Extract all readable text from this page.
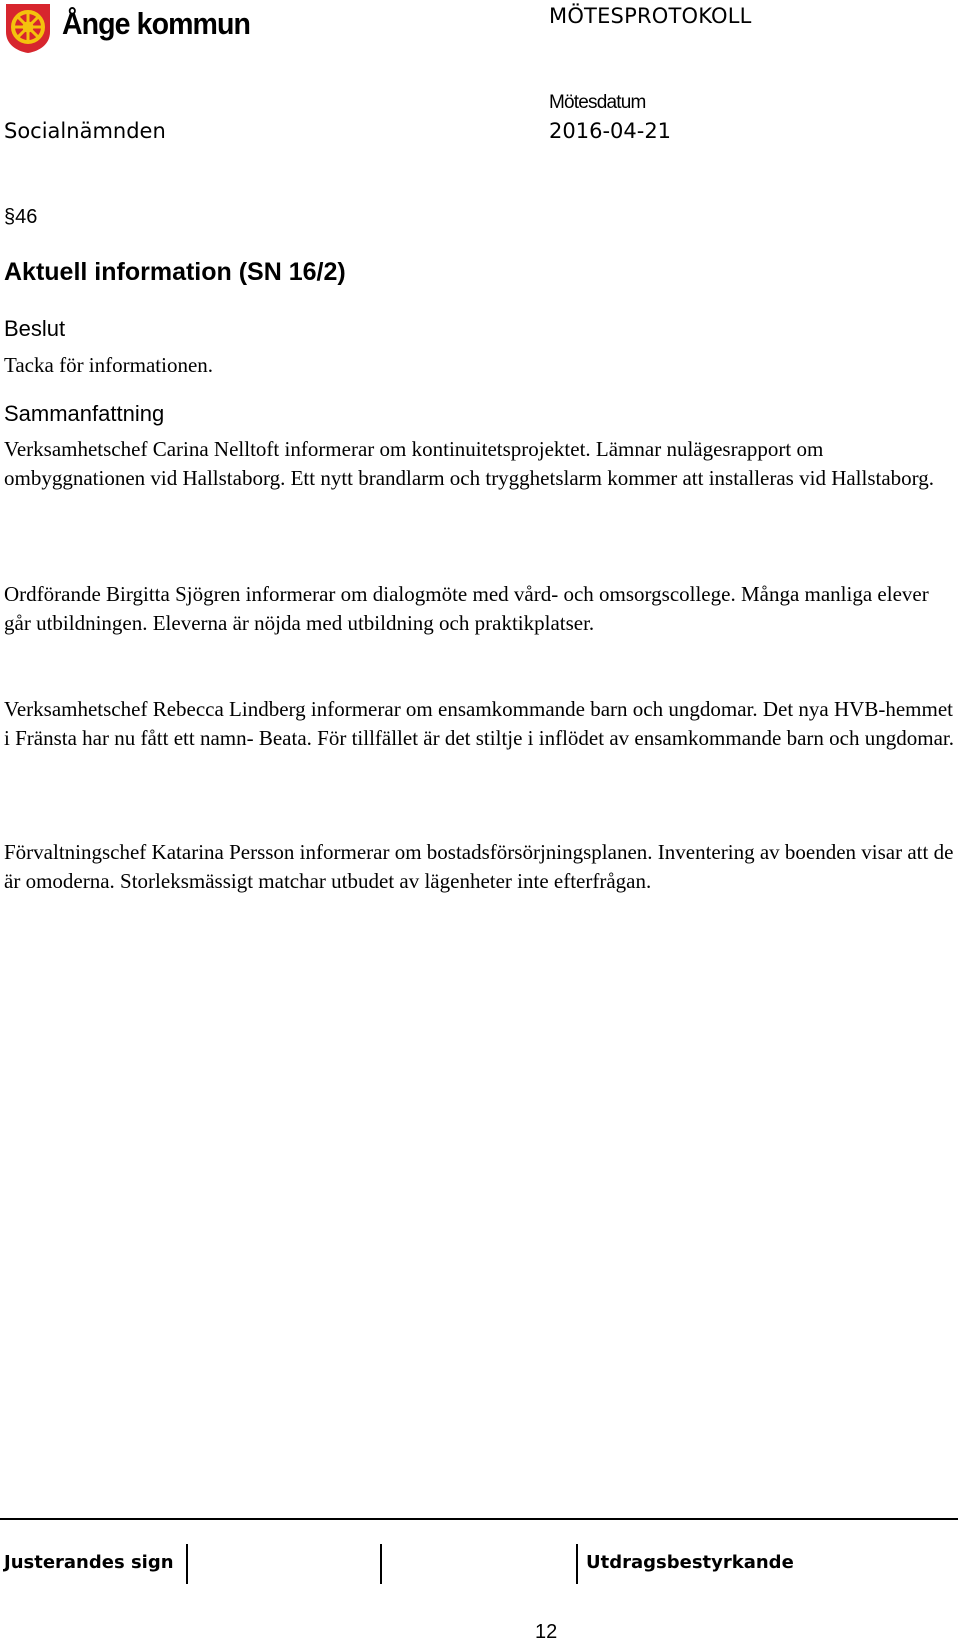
Ånge kommun	MÖTESPROTOKOLL
Mötesdatum
Socialnämnden	2016-04-21
§46
Aktuell information (SN 16/2)
Beslut

Tacka för informationen.

Sammanfattning

Verksamhetschef Carina Nelltoft informerar om kontinuitetsprojektet. Lämnar nulägesrapport om ombyggnationen vid Hallstaborg. Ett nytt brandlarm och trygghetslarm kommer att installeras vid Hallstaborg.

Ordförande Birgitta Sjögren informerar om dialogmöte med vård- och omsorgscollege. Många manliga elever går utbildningen. Eleverna är nöjda med utbildning och praktikplatser.

Verksamhetschef Rebecca Lindberg informerar om ensamkommande barn och ungdomar. Det nya HVB-hemmet i Fränsta har nu fått ett namn- Beata. För tillfället är det stiltje i inflödet av ensamkommande barn och ungdomar.

Förvaltningschef Katarina Persson informerar om bostadsförsörjningsplanen. Inventering av boenden visar att de är omoderna. Storleksmässigt matchar utbudet av lägenheter inte efterfrågan.

Justerandes sign	Utdragsbestyrkande
12
